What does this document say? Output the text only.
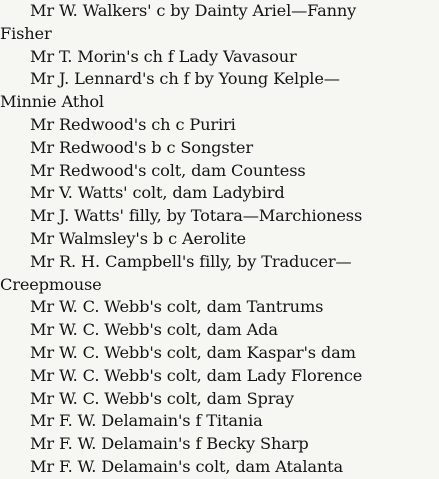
Mr W. Walkers' c by Dainty Ariel—Fanny
Fisher
Mr T. Morin's ch f Lady Vavasour
Mr J. Lennard's ch f by Young Kelple—
Minnie Athol
Mr Redwood's ch c Puriri
Mr Redwood's b c Songster
Mr Redwood's colt, dam Countess
Mr V. Watts' colt, dam Ladybird
Mr J. Watts' filly, by Totara—Marchioness
Mr Walmsley's b c Aerolite
Mr R. H. Campbell's filly, by Traducer—
Creepmouse
Mr W. C. Webb's colt, dam Tantrums
Mr W. C. Webb's colt, dam Ada
Mr W. C. Webb's colt, dam Kaspar's dam
Mr W. C. Webb's colt, dam Lady Florence
Mr W. C. Webb's colt, dam Spray
Mr F. W. Delamain's f Titania
Mr F. W. Delamain's f Becky Sharp
Mr F. W. Delamain's colt, dam Atalanta
